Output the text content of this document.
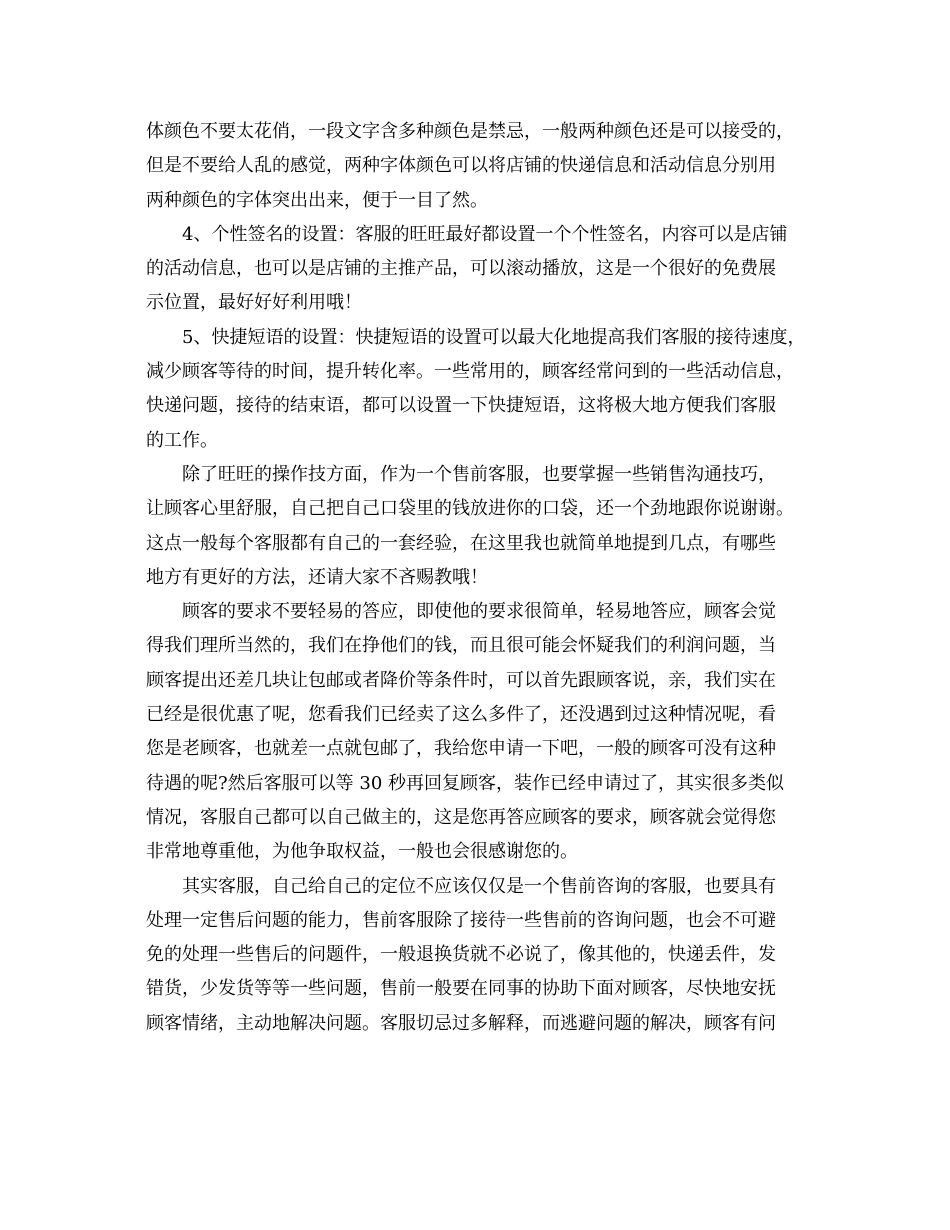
体颜色不要太花俏，一段文字含多种颜色是禁忌，一般两种颜色还是可以接受的，
但是不要给人乱的感觉，两种字体颜色可以将店铺的快递信息和活动信息分别用
两种颜色的字体突出出来，便于一目了然。
4、个性签名的设置：客服的旺旺最好都设置一个个性签名，内容可以是店铺
的活动信息，也可以是店铺的主推产品，可以滚动播放，这是一个很好的免费展
示位置，最好好好利用哦！
5、快捷短语的设置：快捷短语的设置可以最大化地提高我们客服的接待速度，
减少顾客等待的时间，提升转化率。一些常用的，顾客经常问到的一些活动信息，
快递问题，接待的结束语，都可以设置一下快捷短语，这将极大地方便我们客服
的工作。
除了旺旺的操作技方面，作为一个售前客服，也要掌握一些销售沟通技巧，
让顾客心里舒服，自己把自己口袋里的钱放进你的口袋，还一个劲地跟你说谢谢。
这点一般每个客服都有自己的一套经验，在这里我也就简单地提到几点，有哪些
地方有更好的方法，还请大家不吝赐教哦！
顾客的要求不要轻易的答应，即使他的要求很简单，轻易地答应，顾客会觉
得我们理所当然的，我们在挣他们的钱，而且很可能会怀疑我们的利润问题，当
顾客提出还差几块让包邮或者降价等条件时，可以首先跟顾客说，亲，我们实在
已经是很优惠了呢，您看我们已经卖了这么多件了，还没遇到过这种情况呢，看
您是老顾客，也就差一点就包邮了，我给您申请一下吧，一般的顾客可没有这种
待遇的呢?然后客服可以等 30 秒再回复顾客，装作已经申请过了，其实很多类似
情况，客服自己都可以自己做主的，这是您再答应顾客的要求，顾客就会觉得您
非常地尊重他，为他争取权益，一般也会很感谢您的。
其实客服，自己给自己的定位不应该仅仅是一个售前咨询的客服，也要具有
处理一定售后问题的能力，售前客服除了接待一些售前的咨询问题，也会不可避
免的处理一些售后的问题件，一般退换货就不必说了，像其他的，快递丢件，发
错货，少发货等等一些问题，售前一般要在同事的协助下面对顾客，尽快地安抚
顾客情绪，主动地解决问题。客服切忌过多解释，而逃避问题的解决，顾客有问
